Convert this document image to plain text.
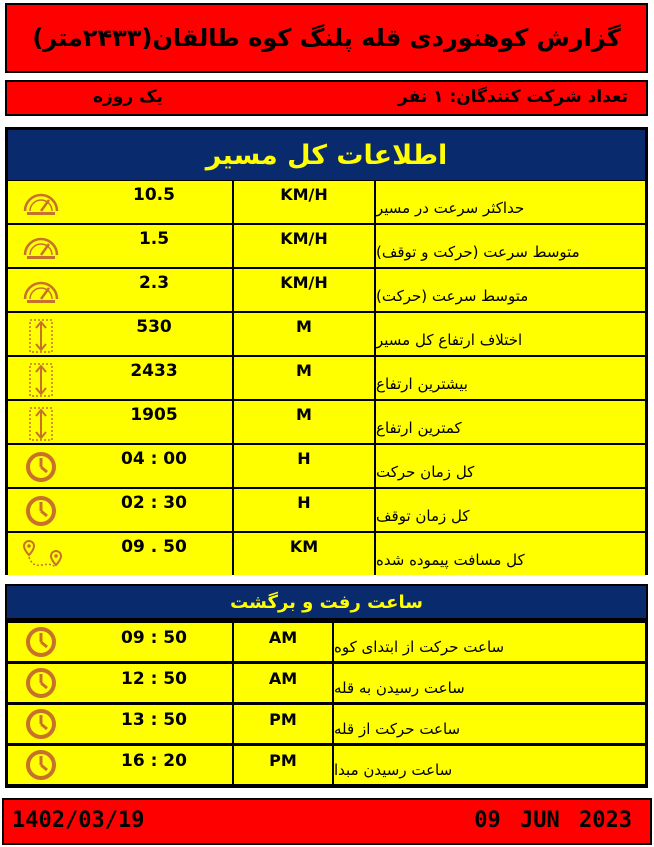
گزارش کوهنوردی قله پلنگ کوه طالقان(۲۴۳۳متر)
تعداد شرکت کنندگان: ۱ نفر
یک روزه
اطلاعات کل مسیر
10.5	KM/H
حداکثر سرعت در مسیر
1.5	KM/H
متوسط سرعت (حرکت و توقف)
2.3	KM/H
متوسط سرعت (حرکت)
530	M
اختلاف ارتفاع کل مسیر
2433	M
بیشترین ارتفاع
1905	M
کمترین ارتفاع
04 : 00	H
کل زمان حرکت
02 : 30	H
کل زمان توقف
09 . 50	KM
کل مسافت پیموده شده
ساعت رفت و برگشت
09 : 50	AM	ساعت حرکت از ابتدای کوه
12 : 50	AM	ساعت رسیدن به قله
13 : 50	PM	ساعت حرکت از قله
16 : 20	PM	ساعت رسیدن مبدا
1402/03/19	09 JUN 2023
